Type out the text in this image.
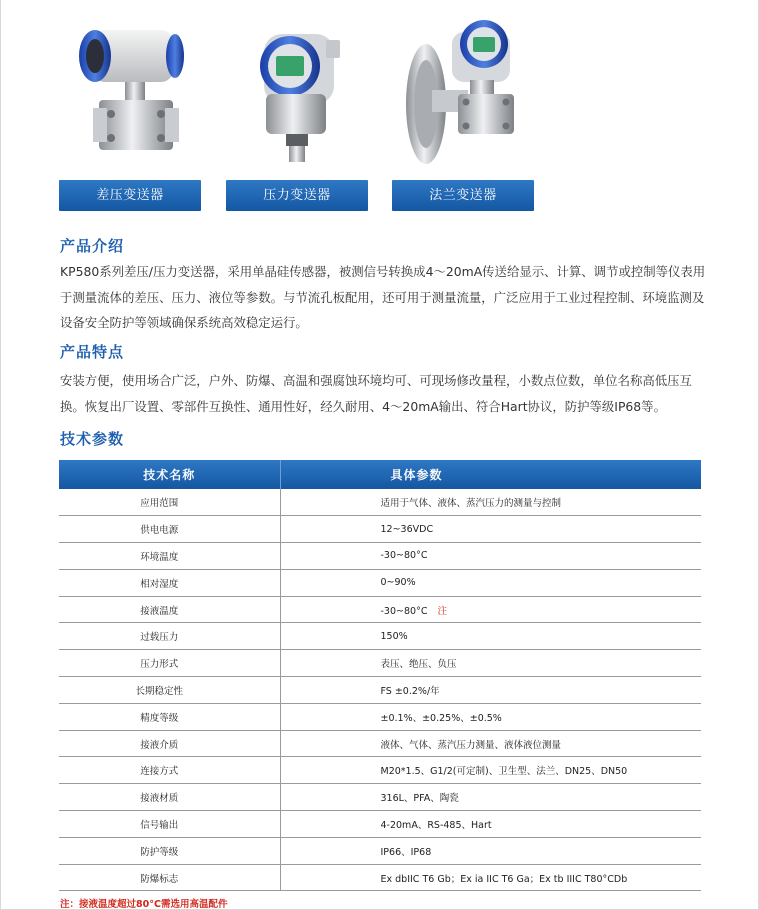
差压变送器	压力变送器	法兰变送器
产品介绍
KP580系列差压/压力变送器，采用单晶硅传感器，被测信号转换成4～20mA传送给显示、计算、调节或控制等仪表用于测量流体的差压、压力、液位等参数。与节流孔板配用，还可用于测量流量，广泛应用于工业过程控制、环境监测及设备安全防护等领域确保系统高效稳定运行。
产品特点
安装方便，使用场合广泛，户外、防爆、高温和强腐蚀环境均可、可现场修改量程，小数点位数，单位名称高低压互换。恢复出厂设置、零部件互换性、通用性好，经久耐用、4～20mA输出、符合Hart协议，防护等级IP68等。
技术参数
技术名称	具体参数
应用范围	适用于气体、液体、蒸汽压力的测量与控制
供电电源	12~36VDC
环境温度	-30~80°C
相对湿度	0~90%
接液温度	-30~80°C 注
过载压力	150%
压力形式	表压、绝压、负压
长期稳定性	FS ±0.2%/年
精度等级	±0.1%、±0.25%、±0.5%
接液介质	液体、气体、蒸汽压力测量、液体液位测量
连接方式	M20*1.5、G1/2(可定制)、卫生型、法兰、DN25、DN50
接液材质	316L、PFA、陶瓷
信号输出	4-20mA、RS-485、Hart
防护等级	IP66、IP68
防爆标志	Ex dbIIC T6 Gb；Ex ia IIC T6 Ga；Ex tb IIIC T80°CDb
注：接液温度超过80°C需选用高温配件
